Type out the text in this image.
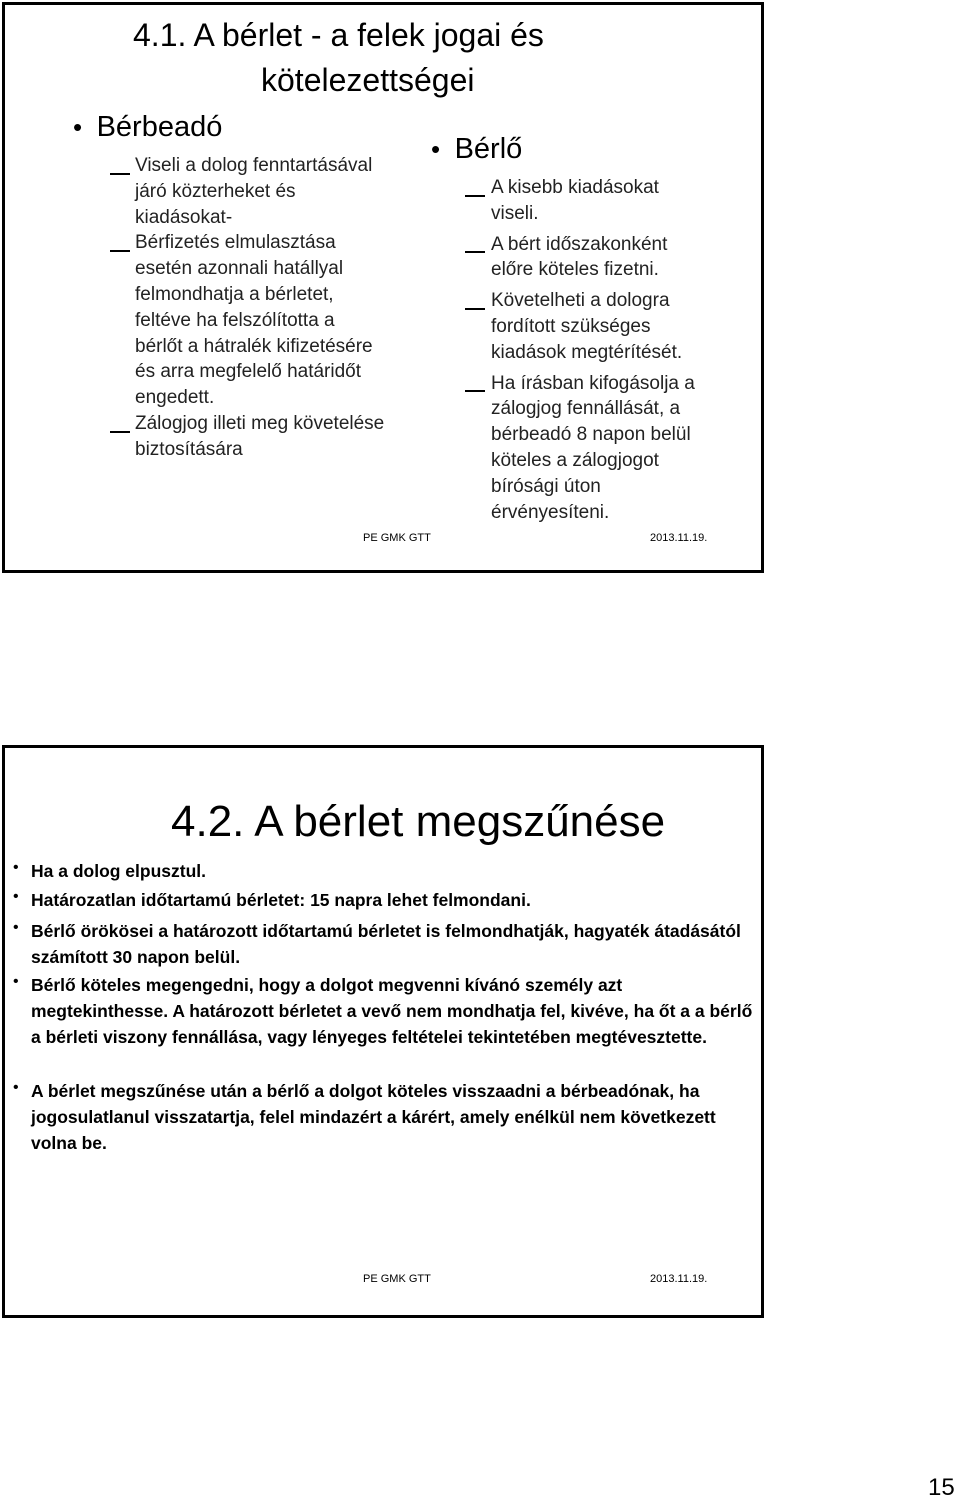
4.1. A bérlet - a felek jogai és
kötelezettségei
• Bérbeadó
Viseli a dolog fenntartásával
járó közterheket és
kiadásokat-
Bérfizetés elmulasztása
esetén azonnali hatállyal
felmondhatja a bérletet,
feltéve ha felszólította a
bérlőt a hátralék kifizetésére
és arra megfelelő határidőt
engedett.
Zálogjog illeti meg követelése
biztosítására
• Bérlő
A kisebb kiadásokat
viseli.
A bért időszakonként
előre köteles fizetni.
Követelheti a dologra
fordított szükséges
kiadások megtérítését.
Ha írásban kifogásolja a
zálogjog fennállását, a
bérbeadó 8 napon belül
köteles a zálogjogot
bírósági úton
érvényesíteni.
PE GMK GTT	2013.11.19.
4.2. A bérlet megszűnése
• Ha a dolog elpusztul.
• Határozatlan időtartamú bérletet: 15 napra lehet felmondani.
• Bérlő örökösei a határozott időtartamú bérletet is felmondhatják, hagyaték átadásától számított 30 napon belül.
• Bérlő köteles megengedni, hogy a dolgot megvenni kívánó személy azt megtekinthesse. A határozott bérletet a vevő nem mondhatja fel, kivéve, ha őt a a bérlő a bérleti viszony fennállása, vagy lényeges feltételei tekintetében megtévesztette.
• A bérlet megszűnése után a bérlő a dolgot köteles visszaadni a bérbeadónak, ha jogosulatlanul visszatartja, felel mindazért a kárért, amely enélkül nem következett volna be.
PE GMK GTT	2013.11.19.
15
